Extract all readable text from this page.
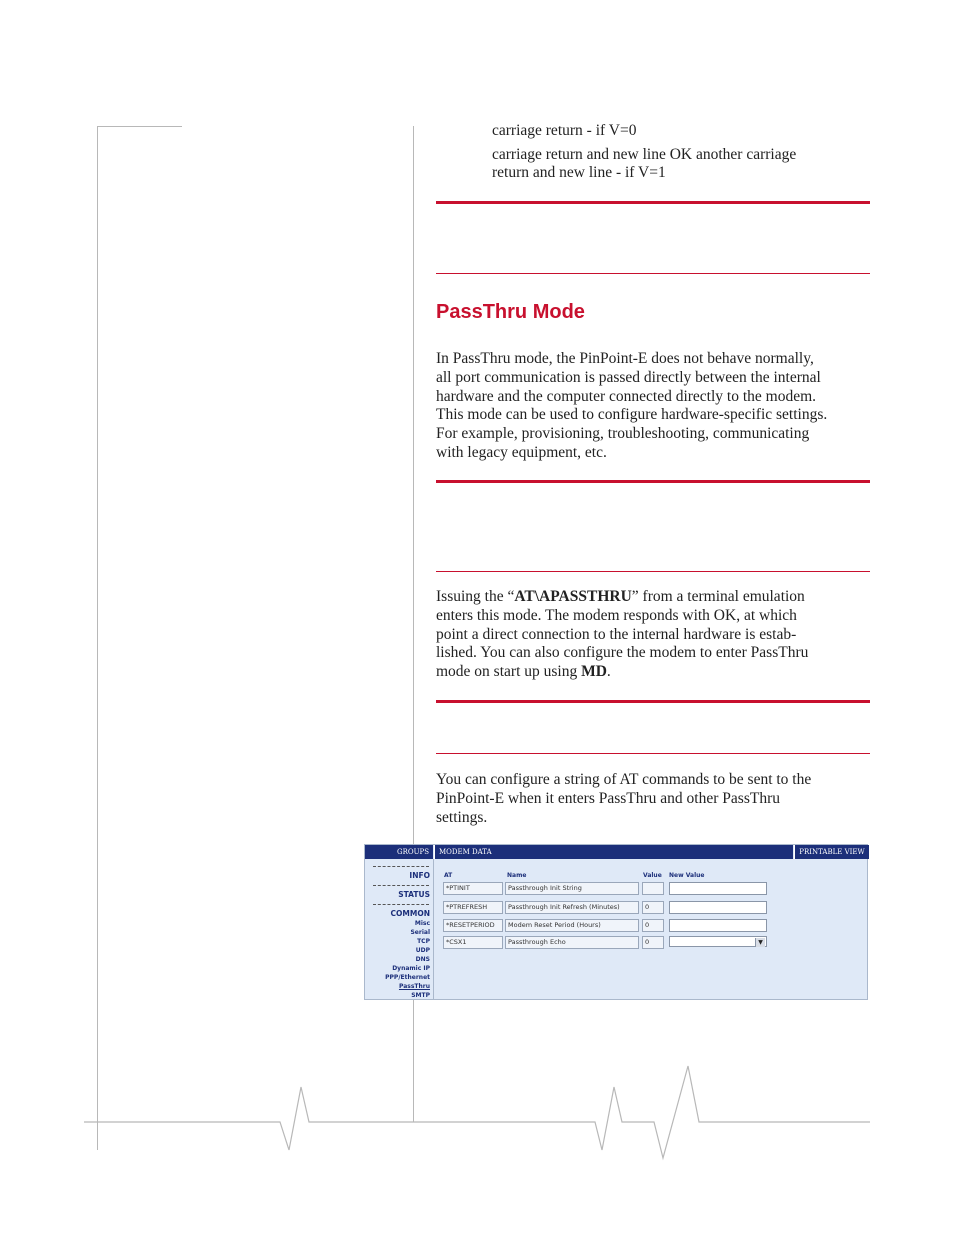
carriage return - if V=0
carriage return and new line OK another carriage
return and new line - if V=1
PassThru Mode
In PassThru mode, the PinPoint-E does not behave normally,
all port communication is passed directly between the internal
hardware and the computer connected directly to the modem.
This mode can be used to configure hardware-specific settings.
For example, provisioning, troubleshooting, communicating
with legacy equipment, etc.
Issuing the “AT\APASSTHRU” from a terminal emulation
enters this mode. The modem responds with OK, at which
point a direct connection to the internal hardware is estab-
lished. You can also configure the modem to enter PassThru
mode on start up using MD.
You can configure a string of AT commands to be sent to the
PinPoint-E when it enters PassThru and other PassThru
settings.
GROUPS	MODEM DATA	PRINTABLE VIEW
INFO
STATUS
COMMON
Misc
Serial
TCP
UDP
DNS
Dynamic IP
PPP/Ethernet
PassThru
SMTP
AT	Name	Value New Value
*PTINIT	Passthrough Init String
*PTREFRESH	Passthrough Init Refresh (Minutes)	0
*RESETPERIOD	Modem Reset Period (Hours)	0
*CSX1	Passthrough Echo	0	▼
